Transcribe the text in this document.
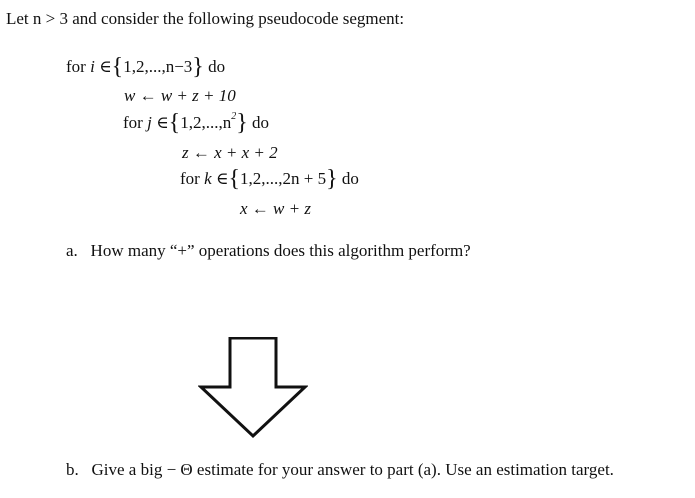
Let n > 3 and consider the following pseudocode segment:
for i ∈{1,2,...,n−3} do
w ← w + z + 10
for j $\in\{1,2,...,n^2\}$ do
z ← x + x + 2
for k ∈{1,2,...,2n + 5} do
x ← w + z
a. How many “+” operations does this algorithm perform?
b. Give a big − Θ estimate for your answer to part (a). Use an estimation target.
